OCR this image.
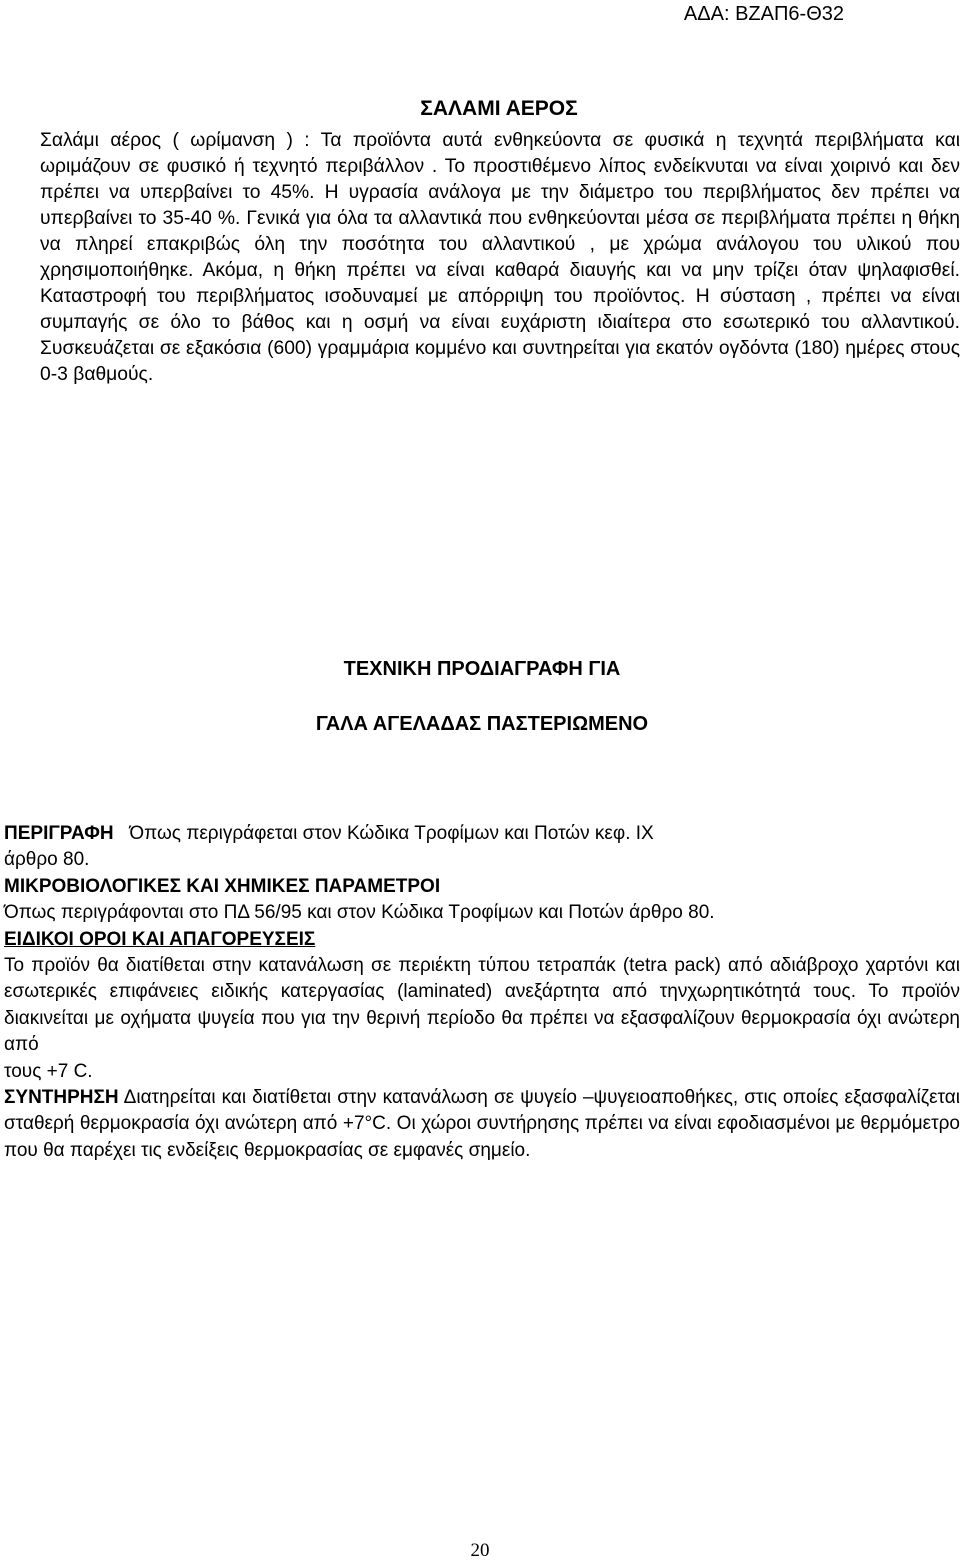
ΑΔΑ: ΒΖΑΠ6-Θ32
ΣΑΛΑΜΙ ΑΕΡΟΣ

Σαλάμι αέρος ( ωρίμανση ) : Τα προϊόντα αυτά ενθηκεύοντα σε φυσικά η τεχνητά περιβλήματα και ωριμάζουν σε φυσικό ή τεχνητό περιβάλλον . Το προστιθέμενο λίπος ενδείκνυται να είναι χοιρινό και δεν πρέπει να υπερβαίνει το 45%. Η υγρασία ανάλογα με την διάμετρο του περιβλήματος δεν πρέπει να υπερβαίνει το 35-40 %. Γενικά για όλα τα αλλαντικά που ενθηκεύονται μέσα σε περιβλήματα πρέπει η θήκη να πληρεί επακριβώς όλη την ποσότητα του αλλαντικού , με χρώμα ανάλογου του υλικού που χρησιμοποιήθηκε. Ακόμα, η θήκη πρέπει να είναι καθαρά διαυγής και να μην τρίζει όταν ψηλαφισθεί. Καταστροφή του περιβλήματος ισοδυναμεί με απόρριψη του προϊόντος. Η σύσταση , πρέπει να είναι συμπαγής σε όλο το βάθος και η οσμή να είναι ευχάριστη ιδιαίτερα στο εσωτερικό του αλλαντικού. Συσκευάζεται σε εξακόσια (600) γραμμάρια κομμένο και συντηρείται για εκατόν ογδόντα (180) ημέρες στους 0-3 βαθμούς.

ΤΕΧΝΙΚΗ ΠΡΟΔΙΑΓΡΑΦΗ ΓΙΑ
ΓΑΛΑ ΑΓΕΛΑΔΑΣ ΠΑΣΤΕΡΙΩΜΕΝΟ

ΠΕΡΙΓΡΑΦΗ Όπως περιγράφεται στον Κώδικα Τροφίμων και Ποτών κεφ. ΙΧ

άρθρο 80.

ΜΙΚΡΟΒΙΟΛΟΓΙΚΕΣ ΚΑΙ ΧΗΜΙΚΕΣ ΠΑΡΑΜΕΤΡΟΙ

Όπως περιγράφονται στο ΠΔ 56/95 και στον Κώδικα Τροφίμων και Ποτών άρθρο 80.

ΕΙΔΙΚΟΙ ΟΡΟΙ ΚΑΙ ΑΠΑΓΟΡΕΥΣΕΙΣ

Το προϊόν θα διατίθεται στην κατανάλωση σε περιέκτη τύπου τετραπάκ (tetra pack) από αδιάβροχο χαρτόνι και εσωτερικές επιφάνειες ειδικής κατεργασίας (laminated) ανεξάρτητα από τηνχωρητικότητά τους. Το προϊόν διακινείται με οχήματα ψυγεία που για την θερινή περίοδο θα πρέπει να εξασφαλίζουν θερμοκρασία όχι ανώτερη από

τους +7 C.

ΣΥΝΤΗΡΗΣΗ Διατηρείται και διατίθεται στην κατανάλωση σε ψυγείο –ψυγειοαποθήκες, στις οποίες εξασφαλίζεται σταθερή θερμοκρασία όχι ανώτερη από +7°C. Οι χώροι συντήρησης πρέπει να είναι εφοδιασμένοι με θερμόμετρο που θα παρέχει τις ενδείξεις θερμοκρασίας σε εμφανές σημείο.

20
